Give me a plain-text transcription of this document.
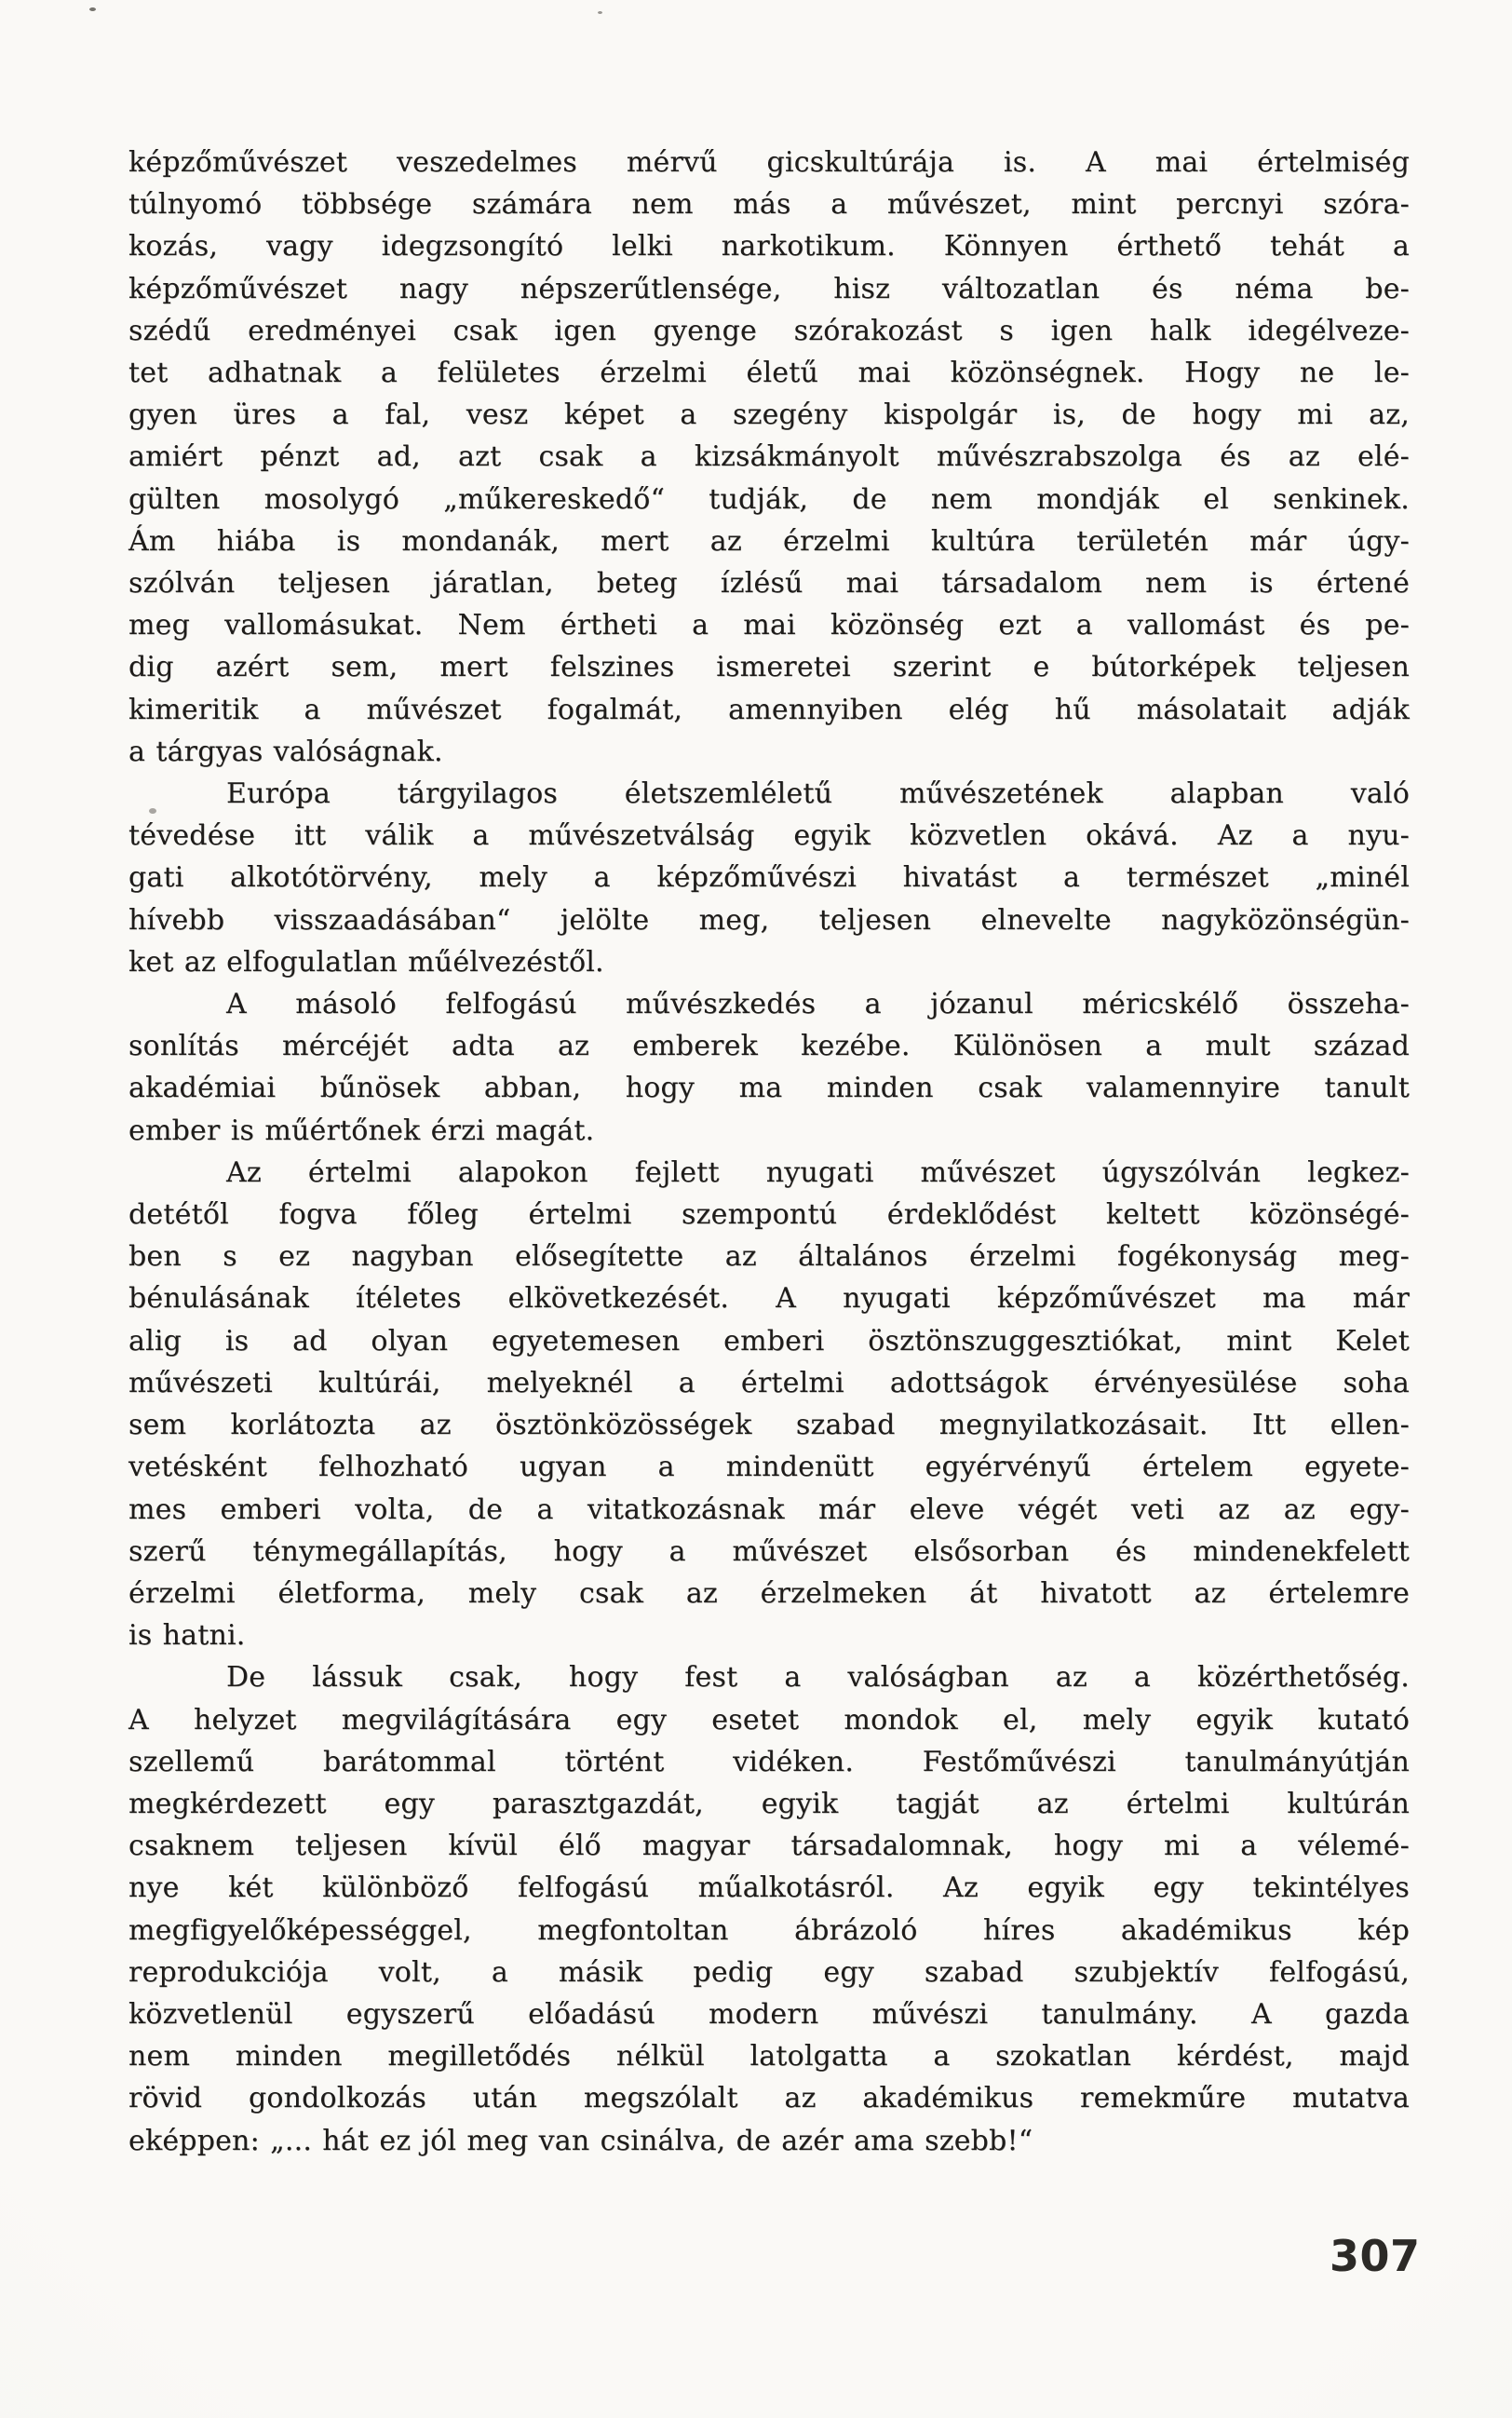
képzőművészet veszedelmes mérvű gicskultúrája is. A mai értelmiség
túlnyomó többsége számára nem más a művészet, mint percnyi szóra-
kozás, vagy idegzsongító lelki narkotikum. Könnyen érthető tehát a
képzőművészet nagy népszerűtlensége, hisz változatlan és néma be-
szédű eredményei csak igen gyenge szórakozást s igen halk idegélveze-
tet adhatnak a felületes érzelmi életű mai közönségnek. Hogy ne le-
gyen üres a fal, vesz képet a szegény kispolgár is, de hogy mi az,
amiért pénzt ad, azt csak a kizsákmányolt művészrabszolga és az elé-
gülten mosolygó „műkereskedő“ tudják, de nem mondják el senkinek.
Ám hiába is mondanák, mert az érzelmi kultúra területén már úgy-
szólván teljesen járatlan, beteg ízlésű mai társadalom nem is értené
meg vallomásukat. Nem értheti a mai közönség ezt a vallomást és pe-
dig azért sem, mert felszines ismeretei szerint e bútorképek teljesen
kimeritik a művészet fogalmát, amennyiben elég hű másolatait adják
a tárgyas valóságnak.
Európa tárgyilagos életszemléletű művészetének alapban való
tévedése itt válik a művészetválság egyik közvetlen okává. Az a nyu-
gati alkotótörvény, mely a képzőművészi hivatást a természet „minél
hívebb visszaadásában“ jelölte meg, teljesen elnevelte nagyközönségün-
ket az elfogulatlan műélvezéstől.
A másoló felfogású művészkedés a józanul méricskélő összeha-
sonlítás mércéjét adta az emberek kezébe. Különösen a mult század
akadémiai bűnösek abban, hogy ma minden csak valamennyire tanult
ember is műértőnek érzi magát.
Az értelmi alapokon fejlett nyugati művészet úgyszólván legkez-
detétől fogva főleg értelmi szempontú érdeklődést keltett közönségé-
ben s ez nagyban elősegítette az általános érzelmi fogékonyság meg-
bénulásának ítéletes elkövetkezését. A nyugati képzőművészet ma már
alig is ad olyan egyetemesen emberi ösztönszuggesztiókat, mint Kelet
művészeti kultúrái, melyeknél a értelmi adottságok érvényesülése soha
sem korlátozta az ösztönközösségek szabad megnyilatkozásait. Itt ellen-
vetésként felhozható ugyan a mindenütt egyérvényű értelem egyete-
mes emberi volta, de a vitatkozásnak már eleve végét veti az az egy-
szerű ténymegállapítás, hogy a művészet elsősorban és mindenekfelett
érzelmi életforma, mely csak az érzelmeken át hivatott az értelemre
is hatni.
De lássuk csak, hogy fest a valóságban az a közérthetőség.
A helyzet megvilágítására egy esetet mondok el, mely egyik kutató
szellemű barátommal történt vidéken. Festőművészi tanulmányútján
megkérdezett egy parasztgazdát, egyik tagját az értelmi kultúrán
csaknem teljesen kívül élő magyar társadalomnak, hogy mi a vélemé-
nye két különböző felfogású műalkotásról. Az egyik egy tekintélyes
megfigyelőképességgel, megfontoltan ábrázoló híres akadémikus kép
reprodukciója volt, a másik pedig egy szabad szubjektív felfogású,
közvetlenül egyszerű előadású modern művészi tanulmány. A gazda
nem minden megilletődés nélkül latolgatta a szokatlan kérdést, majd
rövid gondolkozás után megszólalt az akadémikus remekműre mutatva
eképpen: „... hát ez jól meg van csinálva, de azér ama szebb!“
307
